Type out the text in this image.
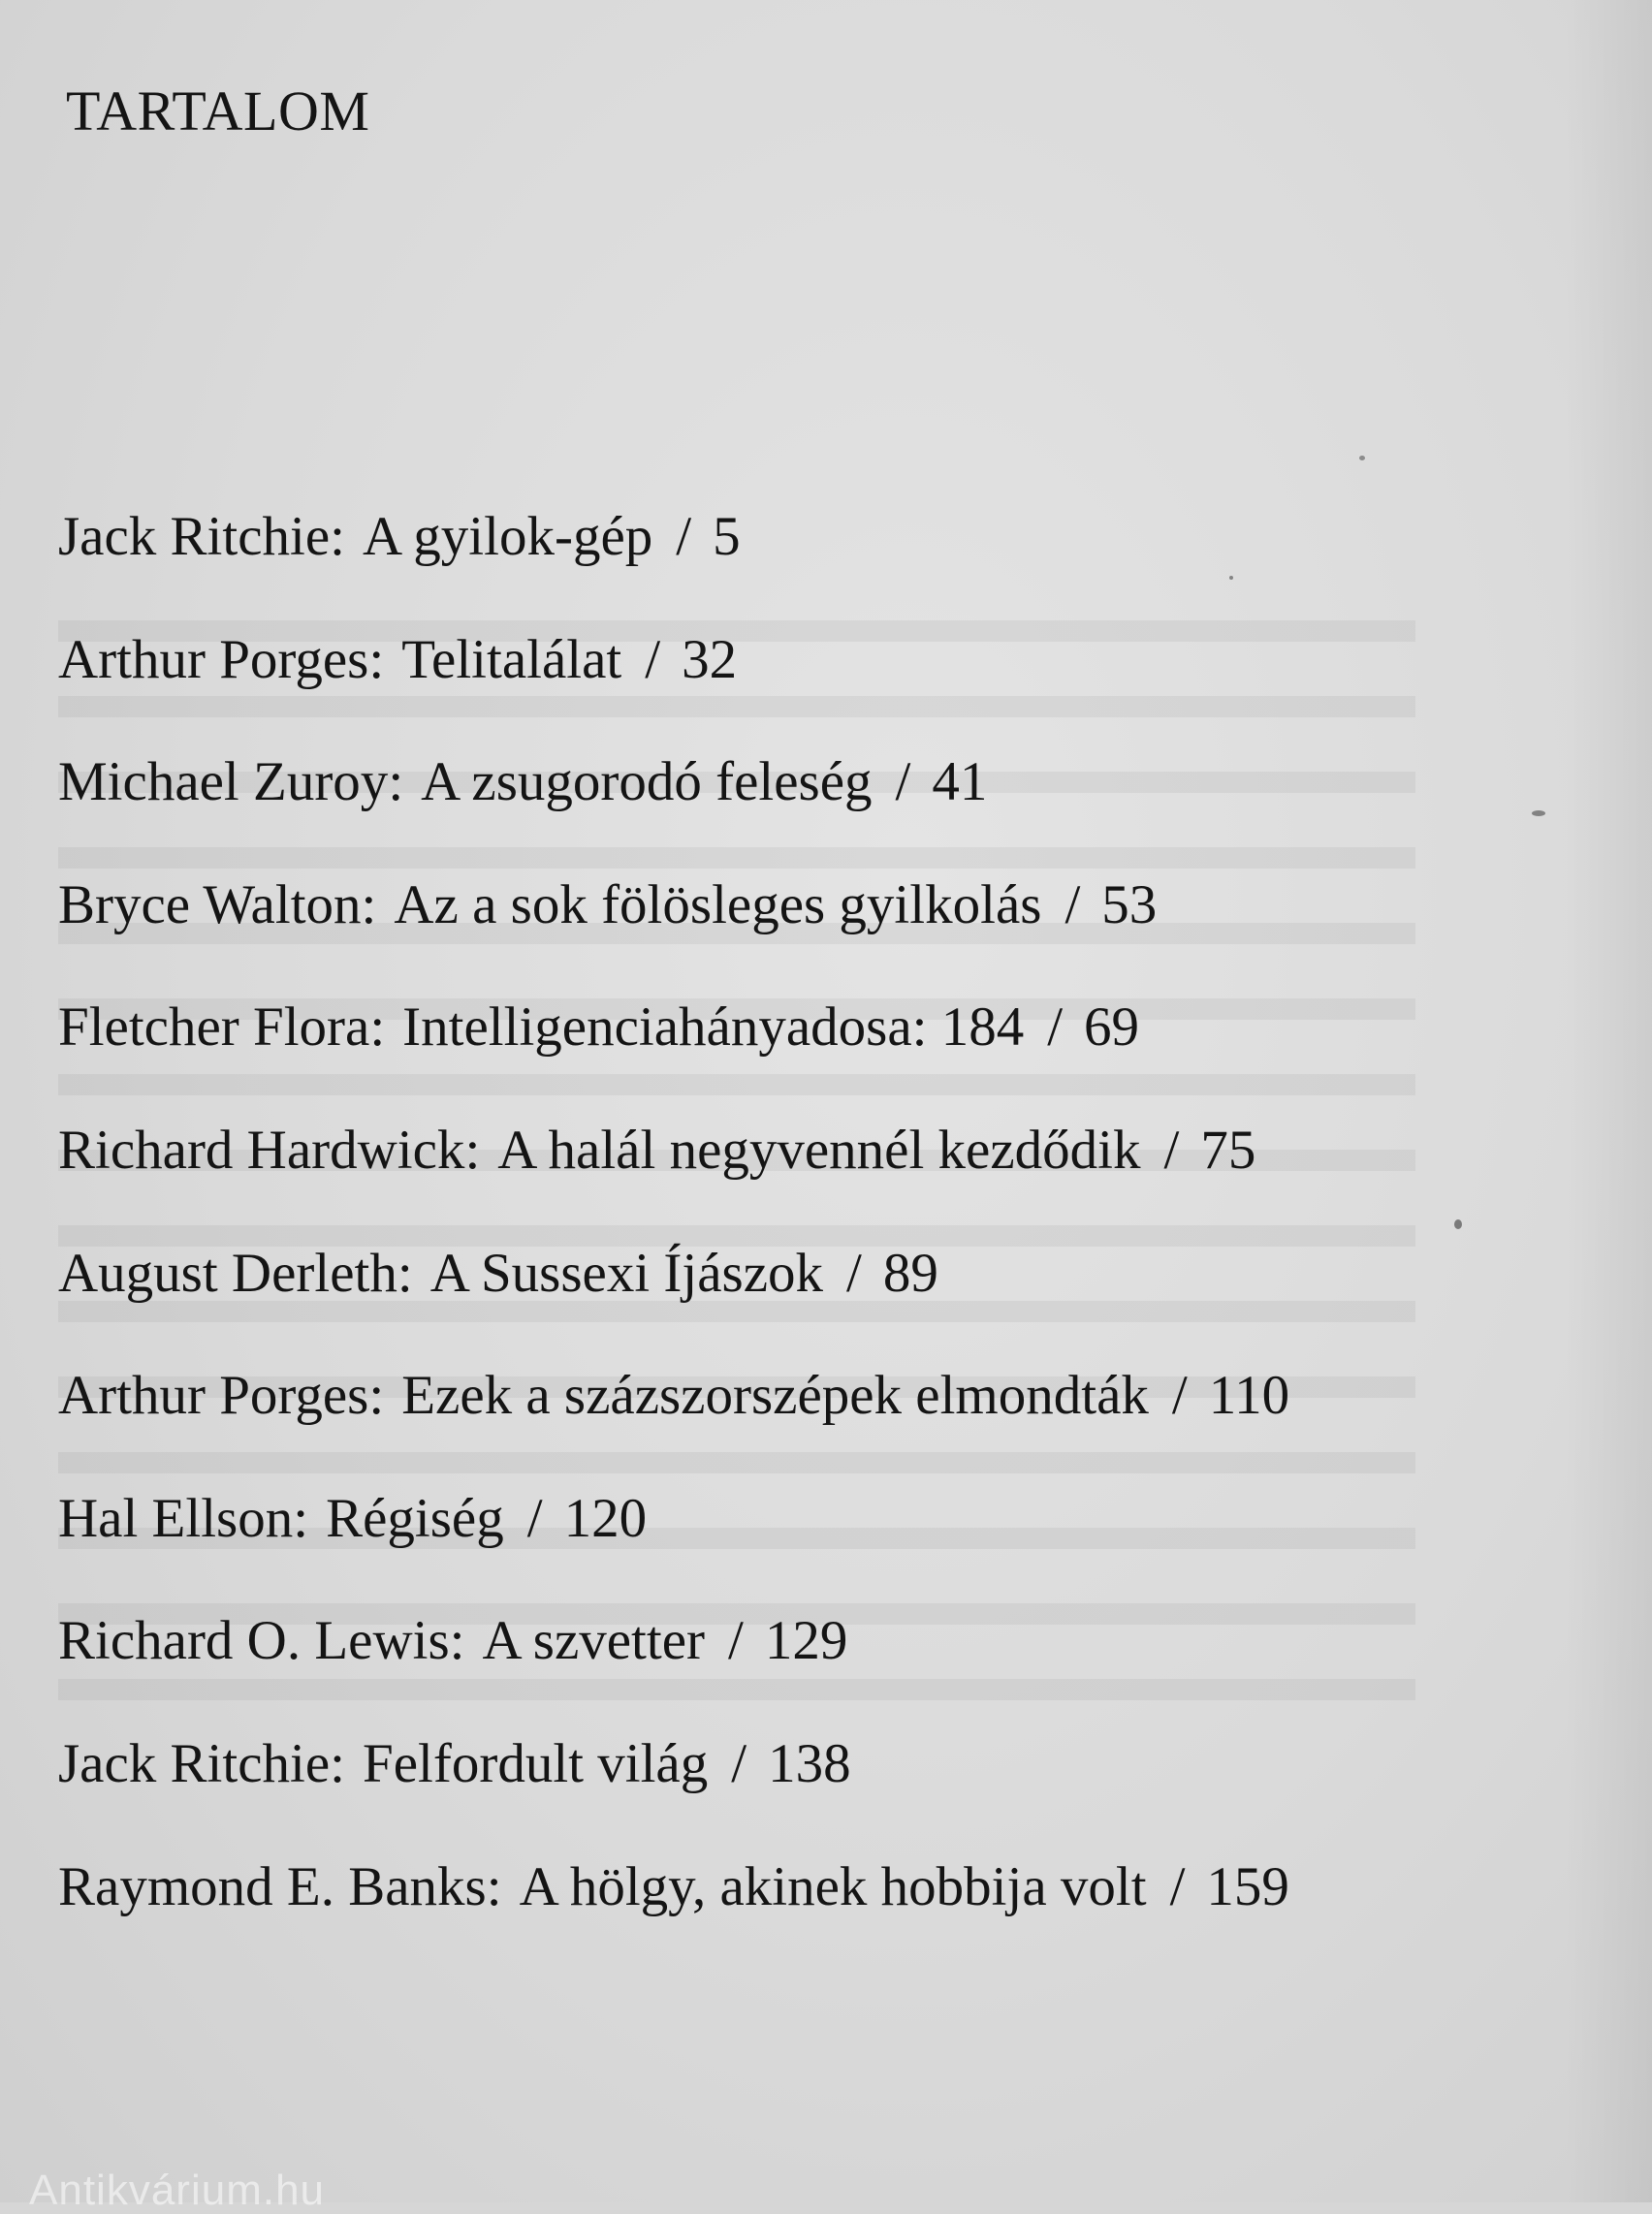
TARTALOM
Jack Ritchie : A gyilok-gép / 5
Arthur Porges : Telitalálat / 32
Michael Zuroy : A zsugorodó feleség / 41
Bryce Walton : Az a sok fölösleges gyilkolás / 53
Fletcher Flora : Intelligenciahányadosa: 184 / 69
Richard Hardwick : A halál negyvennél kezdődik / 75
August Derleth : A Sussexi Íjászok / 89
Arthur Porges : Ezek a százszorszépek elmondták / 110
Hal Ellson : Régiség / 120
Richard O. Lewis : A szvetter / 129
Jack Ritchie : Felfordult világ / 138
Raymond E. Banks : A hölgy, akinek hobbija volt / 159
Antikvárium.hu
